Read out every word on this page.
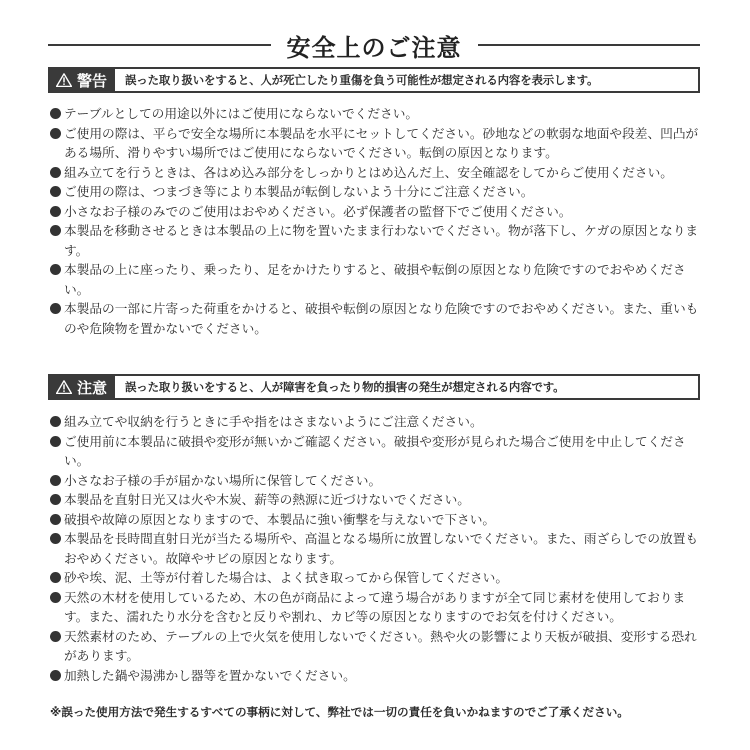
安全上のご注意
警告	誤った取り扱いをすると、人が死亡したり重傷を負う可能性が想定される内容を表示します。
テーブルとしての用途以外にはご使用にならないでください。
ご使用の際は、平らで安全な場所に本製品を水平にセットしてください。砂地などの軟弱な地面や段差、凹凸がある場所、滑りやすい場所ではご使用にならないでください。転倒の原因となります。
組み立てを行うときは、各はめ込み部分をしっかりとはめ込んだ上、安全確認をしてからご使用ください。
ご使用の際は、つまづき等により本製品が転倒しないよう十分にご注意ください。
小さなお子様のみでのご使用はおやめください。必ず保護者の監督下でご使用ください。
本製品を移動させるときは本製品の上に物を置いたまま行わないでください。物が落下し、ケガの原因となります。
本製品の上に座ったり、乗ったり、足をかけたりすると、破損や転倒の原因となり危険ですのでおやめください。
本製品の一部に片寄った荷重をかけると、破損や転倒の原因となり危険ですのでおやめください。また、重いものや危険物を置かないでください。
注意	誤った取り扱いをすると、人が障害を負ったり物的損害の発生が想定される内容です。
組み立てや収納を行うときに手や指をはさまないようにご注意ください。
ご使用前に本製品に破損や変形が無いかご確認ください。破損や変形が見られた場合ご使用を中止してください。
小さなお子様の手が届かない場所に保管してください。
本製品を直射日光又は火や木炭、薪等の熱源に近づけないでください。
破損や故障の原因となりますので、本製品に強い衝撃を与えないで下さい。
本製品を長時間直射日光が当たる場所や、高温となる場所に放置しないでください。また、雨ざらしでの放置もおやめください。故障やサビの原因となります。
砂や埃、泥、土等が付着した場合は、よく拭き取ってから保管してください。
天然の木材を使用しているため、木の色が商品によって違う場合がありますが全て同じ素材を使用しております。また、濡れたり水分を含むと反りや割れ、カビ等の原因となりますのでお気を付けください。
天然素材のため、テーブルの上で火気を使用しないでください。熱や火の影響により天板が破損、変形する恐れがあります。
加熱した鍋や湯沸かし器等を置かないでください。
※誤った使用方法で発生するすべての事柄に対して、弊社では一切の責任を負いかねますのでご了承ください。
